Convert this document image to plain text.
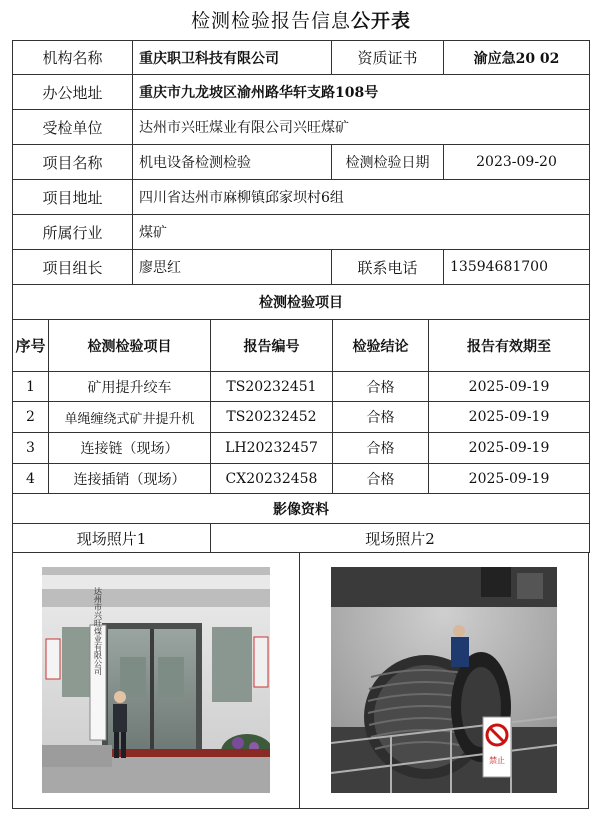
检测检验报告信息公开表
机构名称	重庆职卫科技有限公司	资质证书	渝应急20 02
办公地址	重庆市九龙坡区渝州路华轩支路108号		
受检单位	达州市兴旺煤业有限公司兴旺煤矿		
项目名称	机电设备检测检验	检测检验日期	2023-09-20
项目地址	四川省达州市麻柳镇邱家坝村6组		
所属行业	煤矿		
项目组长	廖思红	联系电话	13594681700
检测检验项目				
序号	检测检验项目	报告编号	检验结论	报告有效期至
1	矿用提升绞车	TS20232451	合格	2025-09-19
2	单绳缠绕式矿井提升机	TS20232452	合格	2025-09-19
3	连接链（现场）	LH20232457	合格	2025-09-19
4	连接插销（现场）	CX20232458	合格	2025-09-19
影像资料				
现场照片1		现场照片2		
达州市兴旺煤业有限公司
禁止
